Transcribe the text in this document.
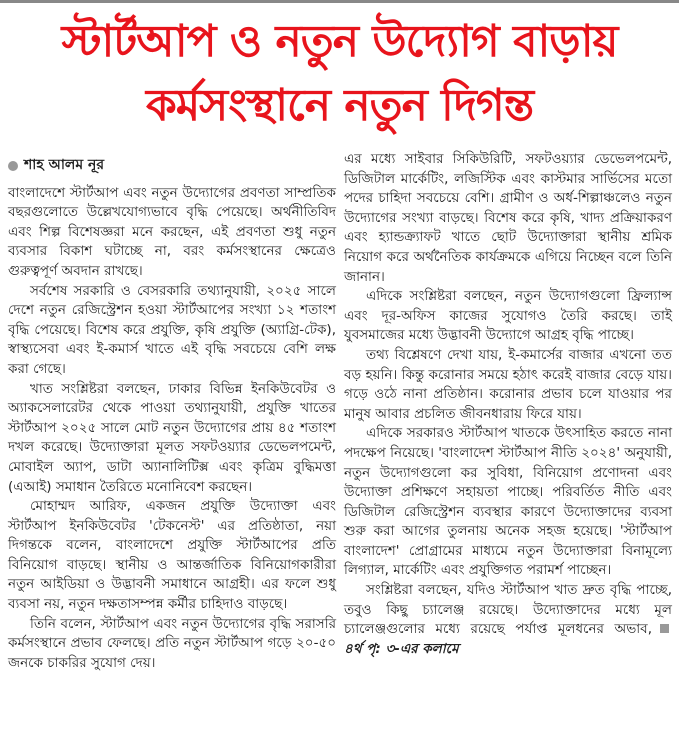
স্টার্টআপ ও নতুন উদ্যোগ বাড়ায়
কর্মসংস্থানে নতুন দিগন্ত
শাহ আলম নূর

বাংলাদেশে স্টার্টআপ এবং নতুন উদ্যোগের প্রবণতা সাম্প্রতিক বছরগুলোতে উল্লেখযোগ্যভাবে বৃদ্ধি পেয়েছে। অর্থনীতিবিদ এবং শিল্প বিশেষজ্ঞরা মনে করছেন, এই প্রবণতা শুধু নতুন ব্যবসার বিকাশ ঘটাচ্ছে না, বরং কর্মসংস্থানের ক্ষেত্রেও গুরুত্বপূর্ণ অবদান রাখছে।

সর্বশেষ সরকারি ও বেসরকারি তথ্যানুযায়ী, ২০২৫ সালে দেশে নতুন রেজিস্ট্রেশন হওয়া স্টার্টআপের সংখ্যা ১২ শতাংশ বৃদ্ধি পেয়েছে। বিশেষ করে প্রযুক্তি, কৃষি প্রযুক্তি (অ্যাগ্রি-টেক), স্বাস্থ্যসেবা এবং ই-কমার্স খাতে এই বৃদ্ধি সবচেয়ে বেশি লক্ষ করা গেছে।

খাত সংশ্লিষ্টরা বলছেন, ঢাকার বিভিন্ন ইনকিউবেটর ও অ্যাকসেলারেটর থেকে পাওয়া তথ্যানুযায়ী, প্রযুক্তি খাতের স্টার্টআপ ২০২৫ সালে মোট নতুন উদ্যোগের প্রায় ৪৫ শতাংশ দখল করেছে। উদ্যোক্তারা মূলত সফটওয়্যার ডেভেলপমেন্ট, মোবাইল অ্যাপ, ডাটা অ্যানালিটিক্স এবং কৃত্রিম বুদ্ধিমত্তা (এআই) সমাধান তৈরিতে মনোনিবেশ করছেন।

মোহাম্মদ আরিফ, একজন প্রযুক্তি উদ্যোক্তা এবং স্টার্টআপ ইনকিউবেটর 'টেকনেস্ট' এর প্রতিষ্ঠাতা, নয়া দিগন্তকে বলেন, বাংলাদেশে প্রযুক্তি স্টার্টআপের প্রতি বিনিয়োগ বাড়ছে। স্থানীয় ও আন্তর্জাতিক বিনিয়োগকারীরা নতুন আইডিয়া ও উদ্ভাবনী সমাধানে আগ্রহী। এর ফলে শুধু ব্যবসা নয়, নতুন দক্ষতাসম্পন্ন কর্মীর চাহিদাও বাড়ছে।

তিনি বলেন, স্টার্টআপ এবং নতুন উদ্যোগের বৃদ্ধি সরাসরি কর্মসংস্থানে প্রভাব ফেলছে। প্রতি নতুন স্টার্টআপ গড়ে ২০-৫০ জনকে চাকরির সুযোগ দেয়।

এর মধ্যে সাইবার সিকিউরিটি, সফটওয়্যার ডেভেলপমেন্ট, ডিজিটাল মার্কেটিং, লজিস্টিক এবং কাস্টমার সার্ভিসের মতো পদের চাহিদা সবচেয়ে বেশি। গ্রামীণ ও অর্ধ-শিল্পাঞ্চলেও নতুন উদ্যোগের সংখ্যা বাড়ছে। বিশেষ করে কৃষি, খাদ্য প্রক্রিয়াকরণ এবং হ্যান্ডক্র্যাফট খাতে ছোট উদ্যোক্তারা স্থানীয় শ্রমিক নিয়োগ করে অর্থনৈতিক কার্যক্রমকে এগিয়ে নিচ্ছেন বলে তিনি জানান।

এদিকে সংশ্লিষ্টরা বলছেন, নতুন উদ্যোগগুলো ফ্রিল্যান্স এবং দূর-অফিস কাজের সুযোগও তৈরি করছে। তাই যুবসমাজের মধ্যে উদ্ভাবনী উদ্যোগে আগ্রহ বৃদ্ধি পাচ্ছে।

তথ্য বিশ্লেষণে দেখা যায়, ই-কমার্সের বাজার এখনো তত বড় হয়নি। কিন্তু করোনার সময়ে হঠাৎ করেই বাজার বেড়ে যায়। গড়ে ওঠে নানা প্রতিষ্ঠান। করোনার প্রভাব চলে যাওয়ার পর মানুষ আবার প্রচলিত জীবনধারায় ফিরে যায়।

এদিকে সরকারও স্টার্টআপ খাতকে উৎসাহিত করতে নানা পদক্ষেপ নিয়েছে। 'বাংলাদেশ স্টার্টআপ নীতি ২০২৪' অনুযায়ী, নতুন উদ্যোগগুলো কর সুবিধা, বিনিয়োগ প্রণোদনা এবং উদ্যোক্তা প্রশিক্ষণে সহায়তা পাচ্ছে। পরিবর্তিত নীতি এবং ডিজিটাল রেজিস্ট্রেশন ব্যবস্থার কারণে উদ্যোক্তাদের ব্যবসা শুরু করা আগের তুলনায় অনেক সহজ হয়েছে। 'স্টার্টআপ বাংলাদেশ' প্রোগ্রামের মাধ্যমে নতুন উদ্যোক্তারা বিনামূল্যে লিগ্যাল, মার্কেটিং এবং প্রযুক্তিগত পরামর্শ পাচ্ছেন।

সংশ্লিষ্টরা বলছেন, যদিও স্টার্টআপ খাত দ্রুত বৃদ্ধি পাচ্ছে, তবুও কিছু চ্যালেঞ্জ রয়েছে। উদ্যোক্তাদের মধ্যে মূল চ্যালেঞ্জগুলোর মধ্যে রয়েছে পর্যাপ্ত মূলধনের অভাব,৪র্থ পৃ: ৩-এর কলামে
